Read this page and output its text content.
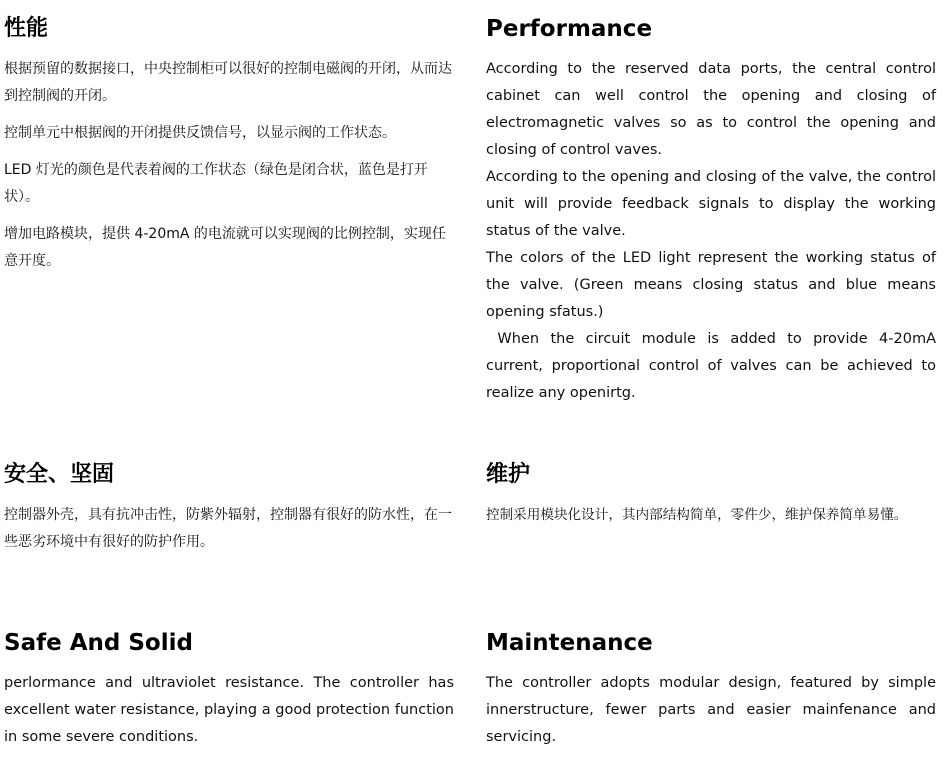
性能

根据预留的数据接口，中央控制柜可以很好的控制电磁阀的开闭，从而达到控制阀的开闭。

控制单元中根据阀的开闭提供反馈信号，以显示阀的工作状态。

LED 灯光的颜色是代表着阀的工作状态（绿色是闭合状，蓝色是打开状）。

增加电路模块，提供 4-20mA 的电流就可以实现阀的比例控制，实现任意开度。

Performance

According to the reserved data ports, the central control cabinet can well control the opening and closing of electromagnetic valves so as to control the opening and closing of control vaves.

According to the opening and closing of the valve, the control unit will provide feedback signals to display the working status of the valve.

The colors of the LED light represent the working status of the valve. (Green means closing status and blue means opening sfatus.)

When the circuit module is added to provide 4-20mA current, proportional control of valves can be achieved to realize any openirtg.

安全、坚固

控制器外壳，具有抗冲击性，防紫外辐射，控制器有很好的防水性，在一些恶劣环境中有很好的防护作用。

维护

控制采用模块化设计，其内部结构简单，零件少，维护保养简单易懂。

Safe And Solid

perlormance and ultraviolet resistance. The controller has excellent water resistance, playing a good protection function in some severe conditions.

Maintenance

The controller adopts modular design, featured by simple innerstructure, fewer parts and easier mainfenance and servicing.
